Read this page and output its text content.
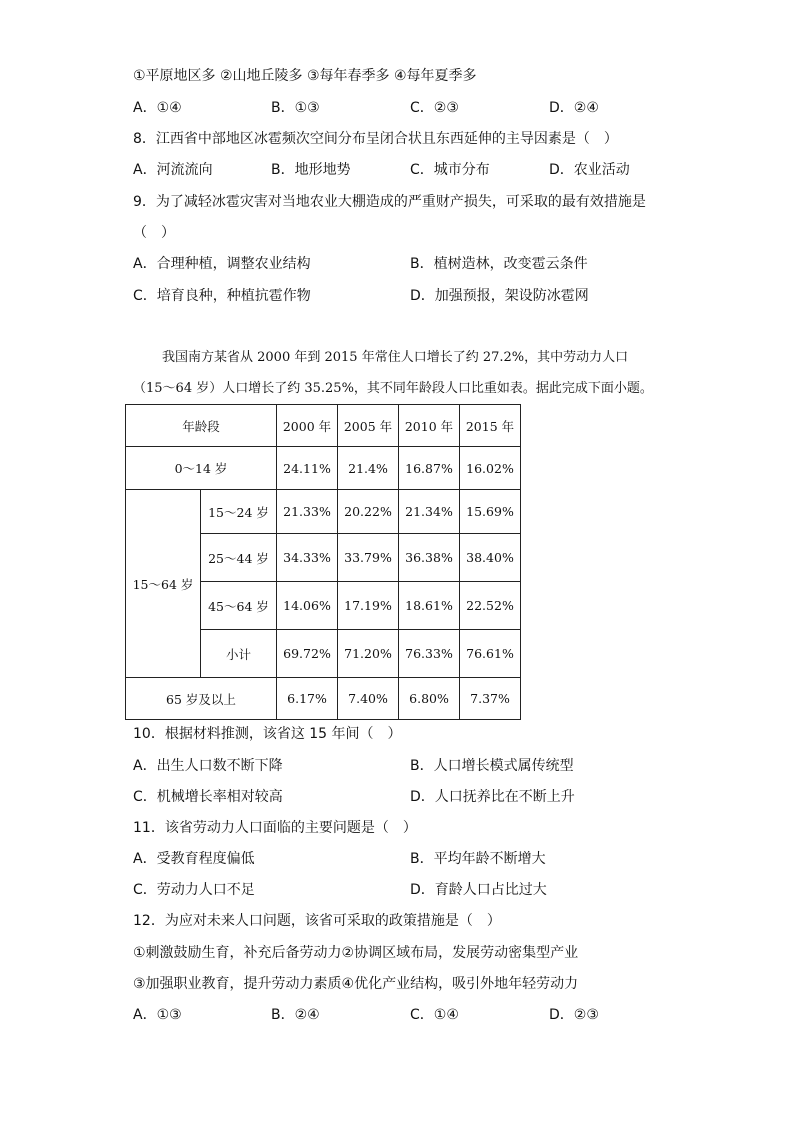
①平原地区多 ②山地丘陵多 ③每年春季多 ④每年夏季多
A．①④	B．①③	C．②③	D．②④
8．江西省中部地区冰雹频次空间分布呈闭合状且东西延伸的主导因素是（　）
A．河流流向	B．地形地势	C．城市分布	D．农业活动
9．为了减轻冰雹灾害对当地农业大棚造成的严重财产损失，可采取的最有效措施是
（　）
A．合理种植，调整农业结构	B．植树造林，改变雹云条件
C．培育良种，种植抗雹作物	D．加强预报，架设防冰雹网
我国南方某省从 2000 年到 2015 年常住人口增长了约 27.2%，其中劳动力人口
（15～64 岁）人口增长了约 35.25%，其不同年龄段人口比重如表。据此完成下面小题。
年龄段		2000 年	2005 年	2010 年	2015 年
0～14 岁		24.11%	21.4%	16.87%	16.02%
15～64 岁	15～24 岁	21.33%	20.22%	21.34%	15.69%
	25～44 岁	34.33%	33.79%	36.38%	38.40%
	45～64 岁	14.06%	17.19%	18.61%	22.52%
	小计	69.72%	71.20%	76.33%	76.61%
65 岁及以上		6.17%	7.40%	6.80%	7.37%
10．根据材料推测，该省这 15 年间（　）
A．出生人口数不断下降	B．人口增长模式属传统型
C．机械增长率相对较高	D．人口抚养比在不断上升
11．该省劳动力人口面临的主要问题是（　）
A．受教育程度偏低	B．平均年龄不断增大
C．劳动力人口不足	D．育龄人口占比过大
12．为应对未来人口问题，该省可采取的政策措施是（　）
①刺激鼓励生育，补充后备劳动力②协调区域布局，发展劳动密集型产业
③加强职业教育，提升劳动力素质④优化产业结构，吸引外地年轻劳动力
A．①③	B．②④	C．①④	D．②③
